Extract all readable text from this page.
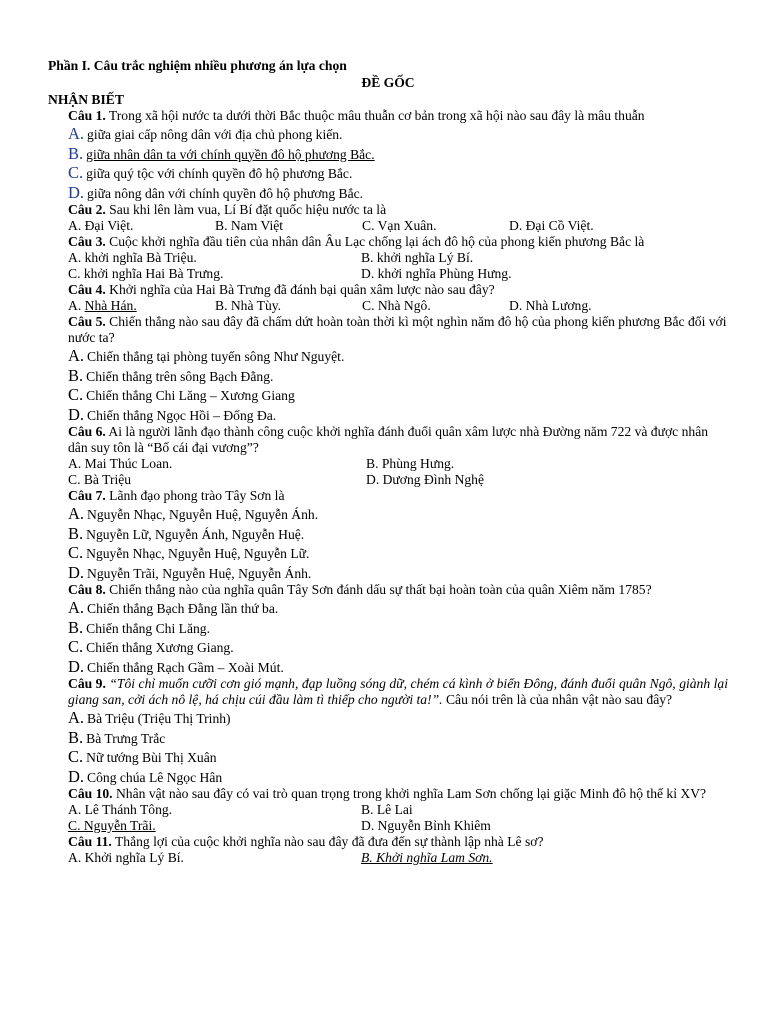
Phần I. Câu trắc nghiệm nhiều phương án lựa chọn
ĐỀ GỐC
NHẬN BIẾT
Câu 1. Trong xã hội nước ta dưới thời Bắc thuộc mâu thuẫn cơ bản trong xã hội nào sau đây là mâu thuẫn
A. giữa giai cấp nông dân với địa chủ phong kiến.
B. giữa nhân dân ta với chính quyền đô hộ phương Bắc.
C. giữa quý tộc với chính quyền đô hộ phương Bắc.
D. giữa nông dân với chính quyền đô hộ phương Bắc.
Câu 2. Sau khi lên làm vua, Lí Bí đặt quốc hiệu nước ta là
A. Đại Việt.	B. Nam Việt	C. Vạn Xuân.	D. Đại Cồ Việt.
Câu 3. Cuộc khởi nghĩa đầu tiên của nhân dân Âu Lạc chống lại ách đô hộ của phong kiến phương Bắc là
A. khởi nghĩa Bà Triệu.	B. khởi nghĩa Lý Bí.
C. khởi nghĩa Hai Bà Trưng.	D. khởi nghĩa Phùng Hưng.
Câu 4. Khởi nghĩa của Hai Bà Trưng đã đánh bại quân xâm lược nào sau đây?
A. Nhà Hán.	B. Nhà Tùy.	C. Nhà Ngô.	D. Nhà Lương.
Câu 5. Chiến thắng nào sau đây đã chấm dứt hoàn toàn thời kì một nghìn năm đô hộ của phong kiến phương Bắc đối với nước ta?
A. Chiến thắng tại phòng tuyến sông Như Nguyệt.
B. Chiến thắng trên sông Bạch Đằng.
C. Chiến thắng Chi Lăng – Xương Giang
D. Chiến thắng Ngọc Hồi – Đống Đa.
Câu 6. Ai là người lãnh đạo thành công cuộc khởi nghĩa đánh đuổi quân xâm lược nhà Đường năm 722 và được nhân dân suy tôn là “Bố cái đại vương”?
A. Mai Thúc Loan.	B. Phùng Hưng.
C. Bà Triệu	D. Dương Đình Nghệ
Câu 7. Lãnh đạo phong trào Tây Sơn là
A. Nguyễn Nhạc, Nguyễn Huệ, Nguyễn Ánh.
B. Nguyễn Lữ, Nguyễn Ánh, Nguyễn Huệ.
C. Nguyễn Nhạc, Nguyễn Huệ, Nguyễn Lữ.
D. Nguyễn Trãi, Nguyễn Huệ, Nguyễn Ánh.
Câu 8. Chiến thắng nào của nghĩa quân Tây Sơn đánh dấu sự thất bại hoàn toàn của quân Xiêm năm 1785?
A. Chiến thắng Bạch Đằng lần thứ ba.
B. Chiến thắng Chi Lăng.
C. Chiến thắng Xương Giang.
D. Chiến thắng Rạch Gầm – Xoài Mút.
Câu 9. “Tôi chỉ muốn cưỡi cơn gió mạnh, đạp luồng sóng dữ, chém cá kình ở biển Đông, đánh đuổi quân Ngô, giành lại giang san, cởi ách nô lệ, há chịu cúi đầu làm tì thiếp cho người ta!”. Câu nói trên là của nhân vật nào sau đây?
A. Bà Triệu (Triệu Thị Trinh)
B. Bà Trưng Trắc
C. Nữ tướng Bùi Thị Xuân
D. Công chúa Lê Ngọc Hân
Câu 10. Nhân vật nào sau đây có vai trò quan trọng trong khởi nghĩa Lam Sơn chống lại giặc Minh đô hộ thế kỉ XV?
A. Lê Thánh Tông.	B. Lê Lai
C. Nguyễn Trãi.	D. Nguyễn Bỉnh Khiêm
Câu 11. Thắng lợi của cuộc khởi nghĩa nào sau đây đã đưa đến sự thành lập nhà Lê sơ?
A. Khởi nghĩa Lý Bí.	B. Khởi nghĩa Lam Sơn.
